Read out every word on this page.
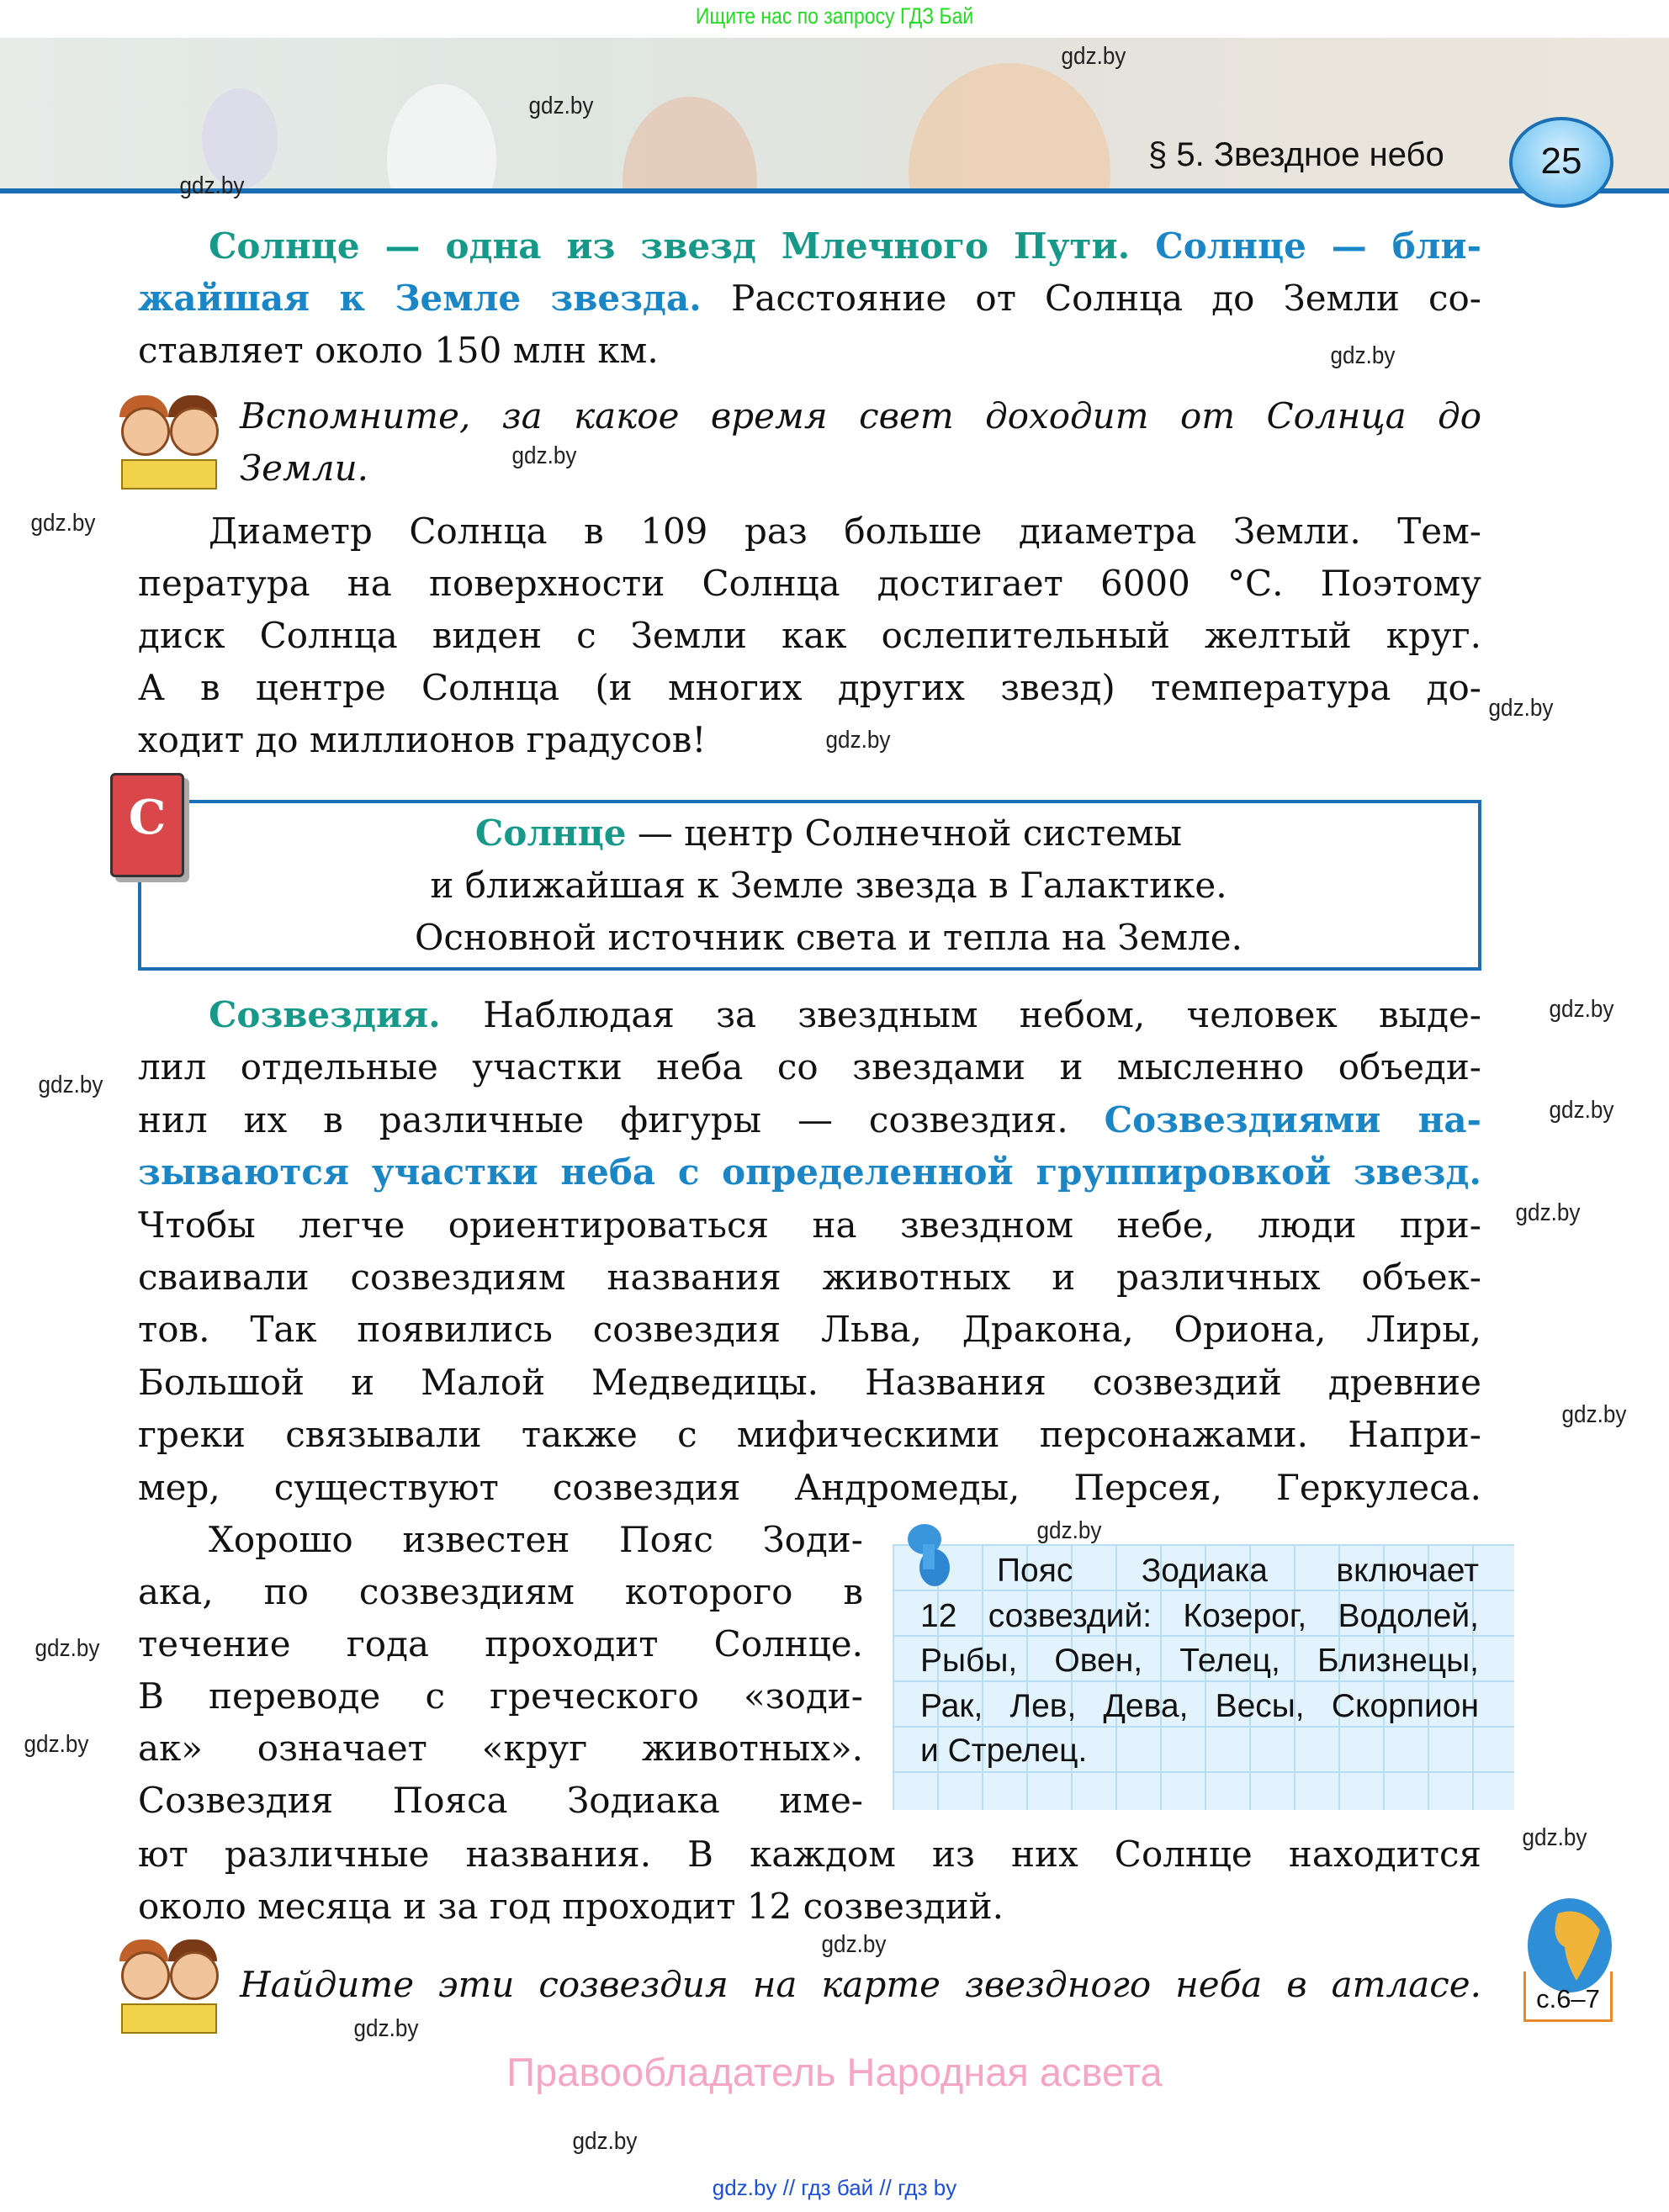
Ищите нас по запросу ГДЗ Бай
§ 5. Звездное небо	25
Солнце — одна из звезд Млечного Пути. Солнце — бли-
жайшая к Земле звезда. Расстояние от Солнца до Земли со-
ставляет около 150 млн км.
Вспомните, за какое время свет доходит от Солнца до
Земли.
Диаметр Солнца в 109 раз больше диаметра Земли. Тем-
пература на поверхности Солнца достигает 6000 °С. Поэтому
диск Солнца виден с Земли как ослепительный желтый круг.
А в центре Солнца (и многих других звезд) температура до-
ходит до миллионов градусов!
С	Солнце — центр Солнечной системы
и ближайшая к Земле звезда в Галактике.
Основной источник света и тепла на Земле.
Созвездия. Наблюдая за звездным небом, человек выде-
лил отдельные участки неба со звездами и мысленно объеди-
нил их в различные фигуры — созвездия. Созвездиями на-
зываются участки неба с определенной группировкой звезд.
Чтобы легче ориентироваться на звездном небе, люди при-
сваивали созвездиям названия животных и различных объек-
тов. Так появились созвездия Льва, Дракона, Ориона, Лиры,
Большой и Малой Медведицы. Названия созвездий древние
греки связывали также с мифическими персонажами. Напри-
мер, существуют созвездия Андромеды, Персея, Геркулеса.
Хорошо известен Пояс Зоди-
ака, по созвездиям которого в
течение года проходит Солнце.
В переводе с греческого «зоди-
ак» означает «круг животных».
Созвездия Пояса Зодиака име-
ют различные названия. В каждом из них Солнце находится
около месяца и за год проходит 12 созвездий.
Пояс Зодиака включает
12 созвездий: Козерог, Водолей,
Рыбы, Овен, Телец, Близнецы,
Рак, Лев, Дева, Весы, Скорпион
и Стрелец.
Найдите эти созвездия на карте звездного неба в атласе.	с.6–7
Правообладатель Народная асвета
gdz.by
gdz.by
gdz.by
gdz.by
gdz.by
gdz.by
gdz.by
gdz.by
gdz.by
gdz.by
gdz.by
gdz.by
gdz.by
gdz.by
gdz.by
gdz.by
gdz.by
gdz.by
gdz.by
gdz.by
gdz.by // гдз бай // гдз by
